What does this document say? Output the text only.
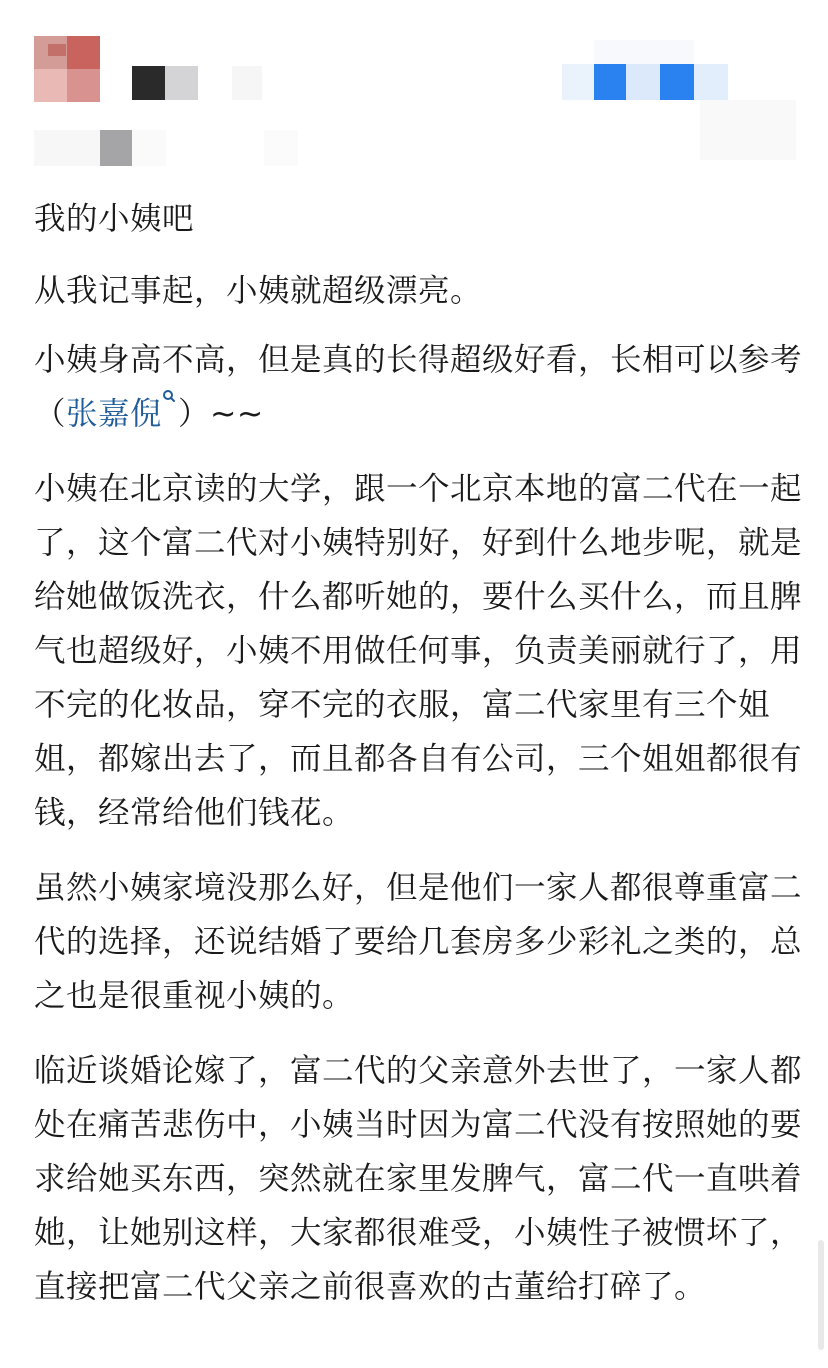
我的小姨吧

从我记事起，小姨就超级漂亮。

小姨身高不高，但是真的长得超级好看，长相可以参考（张嘉倪 ）~~

小姨在北京读的大学，跟一个北京本地的富二代在一起了，这个富二代对小姨特别好，好到什么地步呢，就是给她做饭洗衣，什么都听她的，要什么买什么，而且脾气也超级好，小姨不用做任何事，负责美丽就行了，用不完的化妆品，穿不完的衣服，富二代家里有三个姐姐，都嫁出去了，而且都各自有公司，三个姐姐都很有钱，经常给他们钱花。

虽然小姨家境没那么好，但是他们一家人都很尊重富二代的选择，还说结婚了要给几套房多少彩礼之类的，总之也是很重视小姨的。

临近谈婚论嫁了，富二代的父亲意外去世了，一家人都处在痛苦悲伤中，小姨当时因为富二代没有按照她的要求给她买东西，突然就在家里发脾气，富二代一直哄着她，让她别这样，大家都很难受，小姨性子被惯坏了，直接把富二代父亲之前很喜欢的古董给打碎了。
